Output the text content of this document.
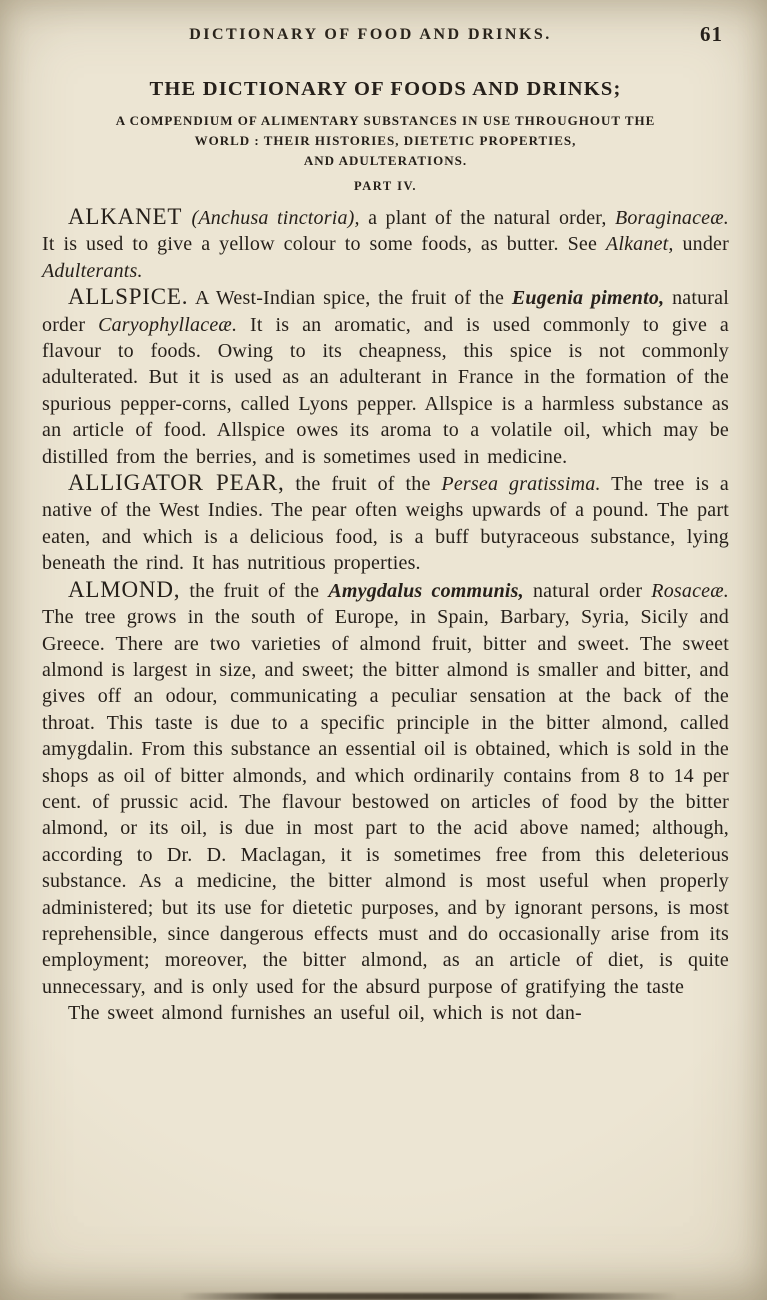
DICTIONARY OF FOOD AND DRINKS.	61
THE DICTIONARY OF FOODS AND DRINKS;
A COMPENDIUM OF ALIMENTARY SUBSTANCES IN USE THROUGHOUT THE
WORLD : THEIR HISTORIES, DIETETIC PROPERTIES,
AND ADULTERATIONS.
PART IV.

ALKANET (Anchusa tinctoria), a plant of the natural order, Boraginaceæ. It is used to give a yellow colour to some foods, as butter. See Alkanet, under Adulterants.

ALLSPICE. A West-Indian spice, the fruit of the Eugenia pimento, natural order Caryophyllaceæ. It is an aromatic, and is used commonly to give a flavour to foods. Owing to its cheapness, this spice is not commonly adulterated. But it is used as an adulterant in France in the formation of the spurious pepper-corns, called Lyons pepper. Allspice is a harmless substance as an article of food. Allspice owes its aroma to a volatile oil, which may be distilled from the berries, and is sometimes used in medicine.

ALLIGATOR PEAR, the fruit of the Persea gratissima. The tree is a native of the West Indies. The pear often weighs upwards of a pound. The part eaten, and which is a delicious food, is a buff butyraceous substance, lying beneath the rind. It has nutritious properties.

ALMOND, the fruit of the Amygdalus communis, natural order Rosaceæ. The tree grows in the south of Europe, in Spain, Barbary, Syria, Sicily and Greece. There are two varieties of almond fruit, bitter and sweet. The sweet almond is largest in size, and sweet; the bitter almond is smaller and bitter, and gives off an odour, communicating a peculiar sensation at the back of the throat. This taste is due to a specific principle in the bitter almond, called amygdalin. From this substance an essential oil is obtained, which is sold in the shops as oil of bitter almonds, and which ordinarily contains from 8 to 14 per cent. of prussic acid. The flavour bestowed on articles of food by the bitter almond, or its oil, is due in most part to the acid above named; although, according to Dr. D. Maclagan, it is sometimes free from this deleterious substance. As a medicine, the bitter almond is most useful when properly administered; but its use for dietetic purposes, and by ignorant persons, is most reprehensible, since dangerous effects must and do occasionally arise from its employment; moreover, the bitter almond, as an article of diet, is quite unnecessary, and is only used for the absurd purpose of gratifying the taste

The sweet almond furnishes an useful oil, which is not dan-
